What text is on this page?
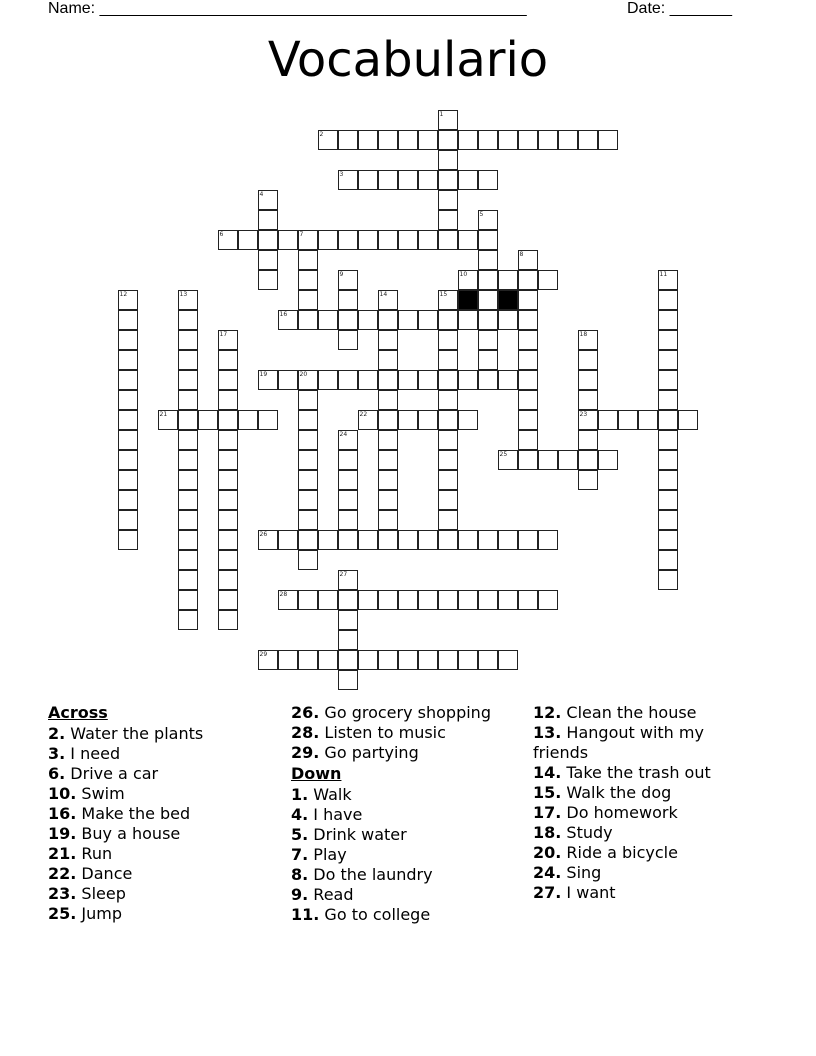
Name: ________________________________________________	Date: _______
Vocabulario
2
3
6	7
10
16
19	20
21	22	23
25
26
28
29
1
4
5
8
9	11
12	13	14	15
17	18
24
27
Across
2. Water the plants
3. I need
6. Drive a car
10. Swim
16. Make the bed
19. Buy a house
21. Run
22. Dance
23. Sleep
25. Jump
26. Go grocery shopping
28. Listen to music
29. Go partying
Down
1. Walk
4. I have
5. Drink water
7. Play
8. Do the laundry
9. Read
11. Go to college
12. Clean the house
13. Hangout with my friends
14. Take the trash out
15. Walk the dog
17. Do homework
18. Study
20. Ride a bicycle
24. Sing
27. I want
